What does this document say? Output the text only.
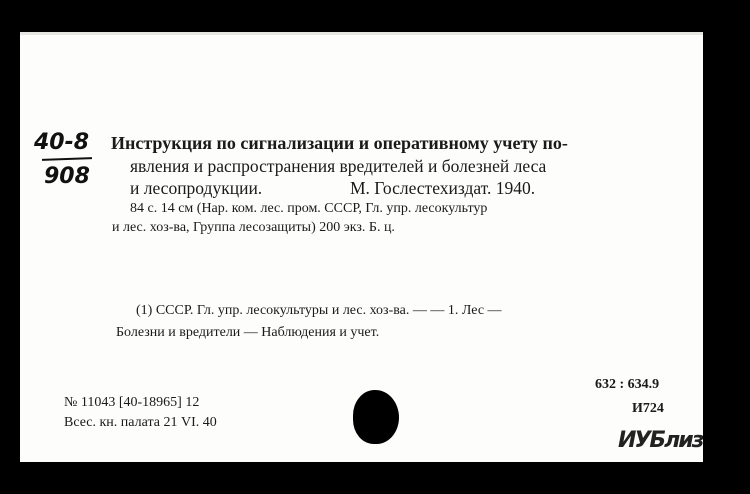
40-8
908
Инструкция по сигнализации и оперативному учету по-
явления и распространения вредителей и болезней леса
и лесопродукции.	М. Гослестехиздат. 1940.
84 с. 14 см (Нар. ком. лес. пром. СССР, Гл. упр. лесокультур
и лес. хоз-ва, Группа лесозащиты) 200 экз. Б. ц.
(1) СССР. Гл. упр. лесокультуры и лес. хоз-ва. — — 1. Лес —
Болезни и вредители — Наблюдения и учет.
№ 11043 [40-18965] 12
Всес. кн. палата 21 VI. 40
632 : 634.9
И724
ИУБлиз
